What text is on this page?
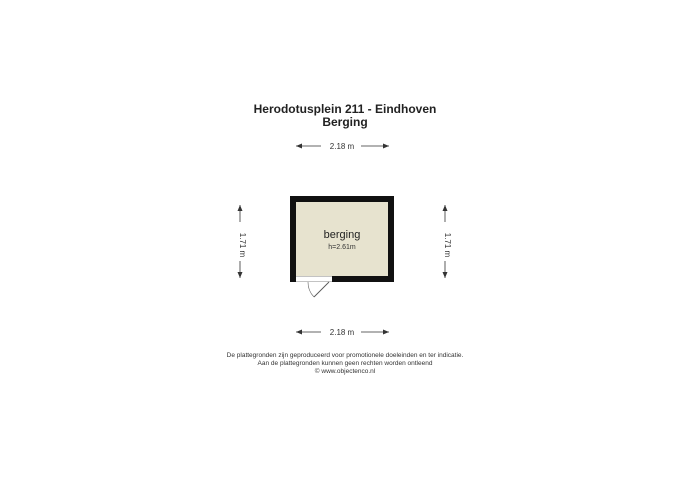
Herodotusplein 211 - Eindhoven
Berging
2.18 m
2.18 m
1.71 m	1.71 m
berging
h=2.61m
De plattegronden zijn geproduceerd voor promotionele doeleinden en ter indicatie.
Aan de plattegronden kunnen geen rechten worden ontleend
© www.objectenco.nl
